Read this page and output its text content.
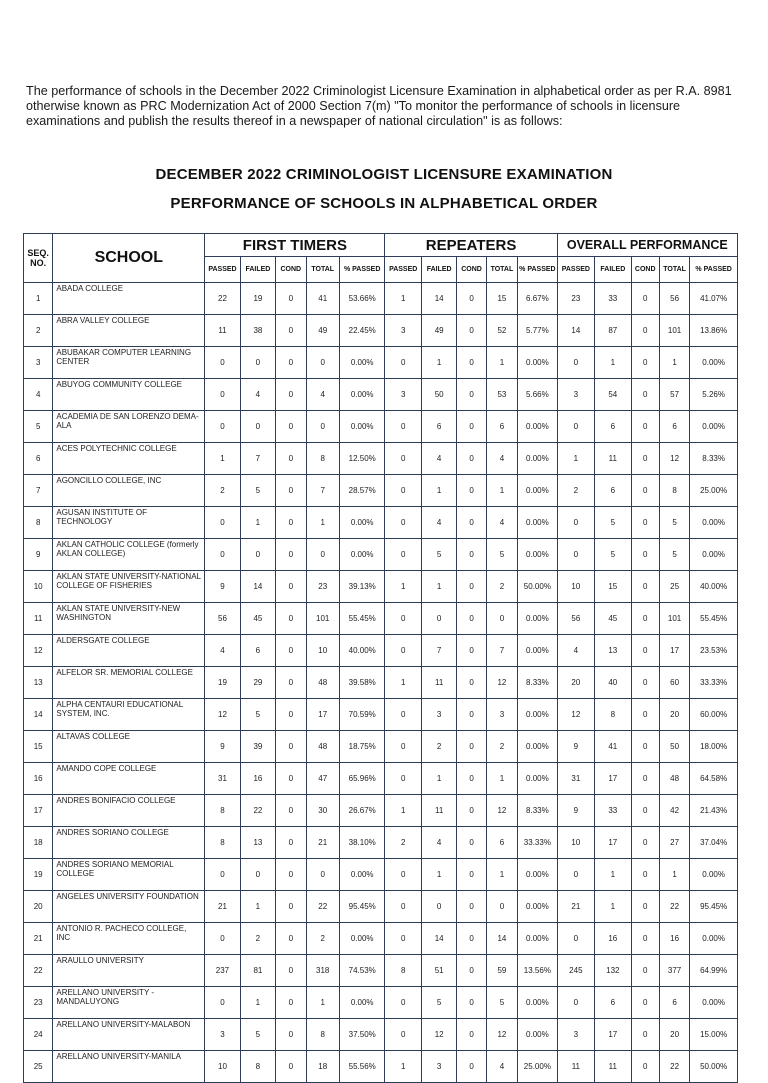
The performance of schools in the December 2022 Criminologist Licensure Examination in alphabetical order as per R.A. 8981 otherwise known as PRC Modernization Act of 2000 Section 7(m) "To monitor the performance of schools in licensure examinations and publish the results thereof in a newspaper of national circulation" is as follows:
DECEMBER 2022 CRIMINOLOGIST LICENSURE EXAMINATION
PERFORMANCE OF SCHOOLS IN ALPHABETICAL ORDER
SEQ. NO.	SCHOOL	FIRST TIMERS					REPEATERS					OVERALL PERFORMANCE				
		PASSED	FAILED	COND	TOTAL	% PASSED	PASSED	FAILED	COND	TOTAL	% PASSED	PASSED	FAILED	COND	TOTAL	% PASSED
1	ABADA COLLEGE	22	19	0	41	53.66%	1	14	0	15	6.67%	23	33	0	56	41.07%
2	ABRA VALLEY COLLEGE	11	38	0	49	22.45%	3	49	0	52	5.77%	14	87	0	101	13.86%
3	ABUBAKAR COMPUTER LEARNING CENTER	0	0	0	0	0.00%	0	1	0	1	0.00%	0	1	0	1	0.00%
4	ABUYOG COMMUNITY COLLEGE	0	4	0	4	0.00%	3	50	0	53	5.66%	3	54	0	57	5.26%
5	ACADEMIA DE SAN LORENZO DEMA-ALA	0	0	0	0	0.00%	0	6	0	6	0.00%	0	6	0	6	0.00%
6	ACES POLYTECHNIC COLLEGE	1	7	0	8	12.50%	0	4	0	4	0.00%	1	11	0	12	8.33%
7	AGONCILLO COLLEGE, INC	2	5	0	7	28.57%	0	1	0	1	0.00%	2	6	0	8	25.00%
8	AGUSAN INSTITUTE OF TECHNOLOGY	0	1	0	1	0.00%	0	4	0	4	0.00%	0	5	0	5	0.00%
9	AKLAN CATHOLIC COLLEGE (formerly AKLAN COLLEGE)	0	0	0	0	0.00%	0	5	0	5	0.00%	0	5	0	5	0.00%
10	AKLAN STATE UNIVERSITY-NATIONAL COLLEGE OF FISHERIES	9	14	0	23	39.13%	1	1	0	2	50.00%	10	15	0	25	40.00%
11	AKLAN STATE UNIVERSITY-NEW WASHINGTON	56	45	0	101	55.45%	0	0	0	0	0.00%	56	45	0	101	55.45%
12	ALDERSGATE COLLEGE	4	6	0	10	40.00%	0	7	0	7	0.00%	4	13	0	17	23.53%
13	ALFELOR SR. MEMORIAL COLLEGE	19	29	0	48	39.58%	1	11	0	12	8.33%	20	40	0	60	33.33%
14	ALPHA CENTAURI EDUCATIONAL SYSTEM, INC.	12	5	0	17	70.59%	0	3	0	3	0.00%	12	8	0	20	60.00%
15	ALTAVAS COLLEGE	9	39	0	48	18.75%	0	2	0	2	0.00%	9	41	0	50	18.00%
16	AMANDO COPE COLLEGE	31	16	0	47	65.96%	0	1	0	1	0.00%	31	17	0	48	64.58%
17	ANDRES BONIFACIO COLLEGE	8	22	0	30	26.67%	1	11	0	12	8.33%	9	33	0	42	21.43%
18	ANDRES SORIANO COLLEGE	8	13	0	21	38.10%	2	4	0	6	33.33%	10	17	0	27	37.04%
19	ANDRES SORIANO MEMORIAL COLLEGE	0	0	0	0	0.00%	0	1	0	1	0.00%	0	1	0	1	0.00%
20	ANGELES UNIVERSITY FOUNDATION	21	1	0	22	95.45%	0	0	0	0	0.00%	21	1	0	22	95.45%
21	ANTONIO R. PACHECO COLLEGE, INC	0	2	0	2	0.00%	0	14	0	14	0.00%	0	16	0	16	0.00%
22	ARAULLO UNIVERSITY	237	81	0	318	74.53%	8	51	0	59	13.56%	245	132	0	377	64.99%
23	ARELLANO UNIVERSITY - MANDALUYONG	0	1	0	1	0.00%	0	5	0	5	0.00%	0	6	0	6	0.00%
24	ARELLANO UNIVERSITY-MALABON	3	5	0	8	37.50%	0	12	0	12	0.00%	3	17	0	20	15.00%
25	ARELLANO UNIVERSITY-MANILA	10	8	0	18	55.56%	1	3	0	4	25.00%	11	11	0	22	50.00%
